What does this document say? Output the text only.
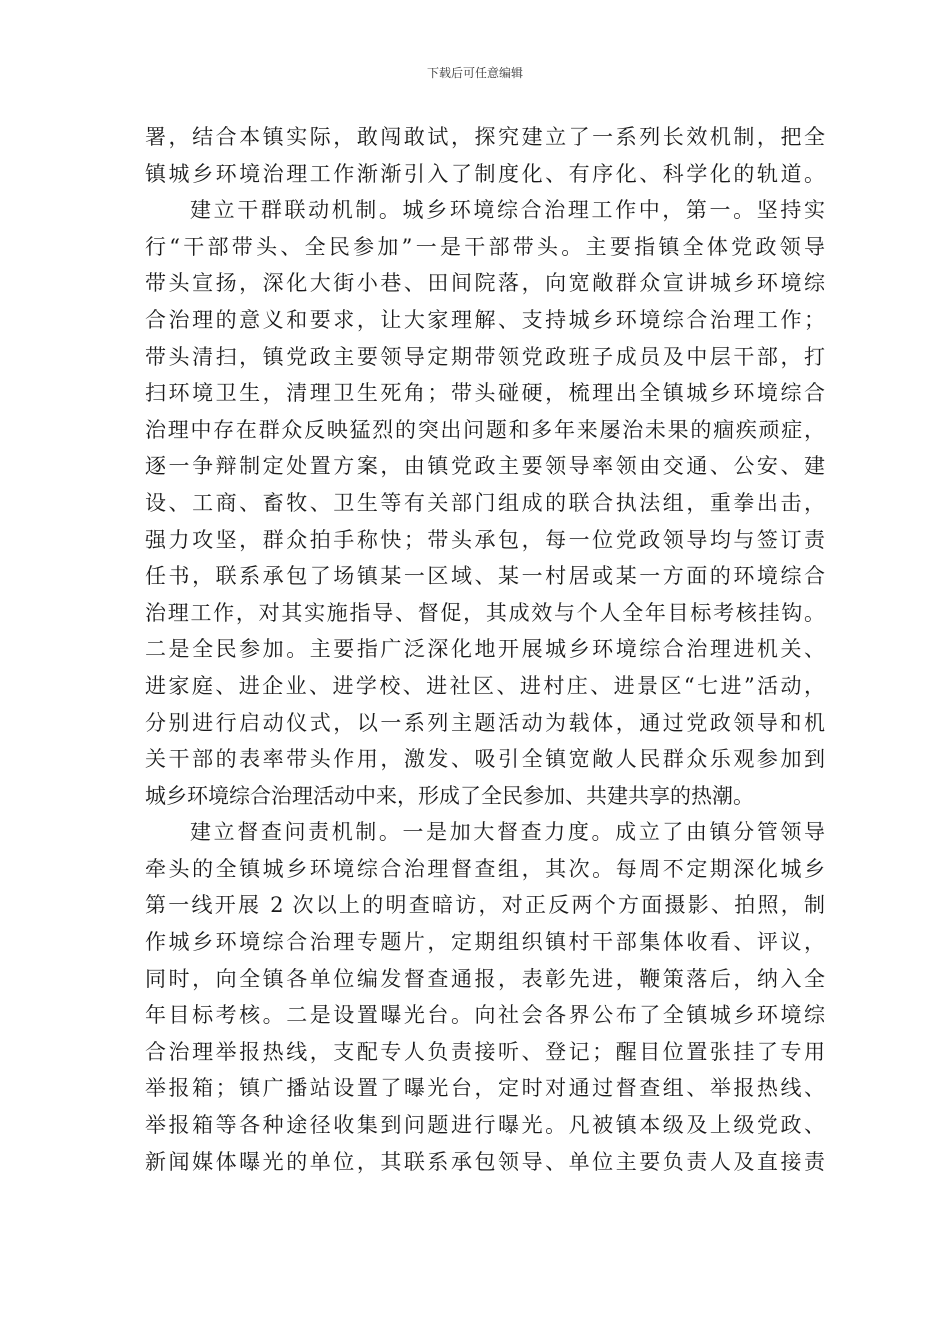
下载后可任意编辑
署，结合本镇实际，敢闯敢试，探究建立了一系列长效机制，把全
镇城乡环境治理工作渐渐引入了制度化、有序化、科学化的轨道。
建立干群联动机制。城乡环境综合治理工作中，第一。坚持实
行“干部带头、全民参加”一是干部带头。主要指镇全体党政领导
带头宣扬，深化大街小巷、田间院落，向宽敞群众宣讲城乡环境综
合治理的意义和要求，让大家理解、支持城乡环境综合治理工作；
带头清扫，镇党政主要领导定期带领党政班子成员及中层干部，打
扫环境卫生，清理卫生死角；带头碰硬，梳理出全镇城乡环境综合
治理中存在群众反映猛烈的突出问题和多年来屡治未果的痼疾顽症，
逐一争辩制定处置方案，由镇党政主要领导率领由交通、公安、建
设、工商、畜牧、卫生等有关部门组成的联合执法组，重拳出击，
强力攻坚，群众拍手称快；带头承包，每一位党政领导均与签订责
任书，联系承包了场镇某一区域、某一村居或某一方面的环境综合
治理工作，对其实施指导、督促，其成效与个人全年目标考核挂钩。
二是全民参加。主要指广泛深化地开展城乡环境综合治理进机关、
进家庭、进企业、进学校、进社区、进村庄、进景区“七进”活动，
分别进行启动仪式，以一系列主题活动为载体，通过党政领导和机
关干部的表率带头作用，激发、吸引全镇宽敞人民群众乐观参加到
城乡环境综合治理活动中来，形成了全民参加、共建共享的热潮。
建立督查问责机制。一是加大督查力度。成立了由镇分管领导
牵头的全镇城乡环境综合治理督查组，其次。每周不定期深化城乡
第一线开展 2 次以上的明查暗访，对正反两个方面摄影、拍照，制
作城乡环境综合治理专题片，定期组织镇村干部集体收看、评议，
同时，向全镇各单位编发督查通报，表彰先进，鞭策落后，纳入全
年目标考核。二是设置曝光台。向社会各界公布了全镇城乡环境综
合治理举报热线，支配专人负责接听、登记；醒目位置张挂了专用
举报箱；镇广播站设置了曝光台，定时对通过督查组、举报热线、
举报箱等各种途径收集到问题进行曝光。凡被镇本级及上级党政、
新闻媒体曝光的单位，其联系承包领导、单位主要负责人及直接责
